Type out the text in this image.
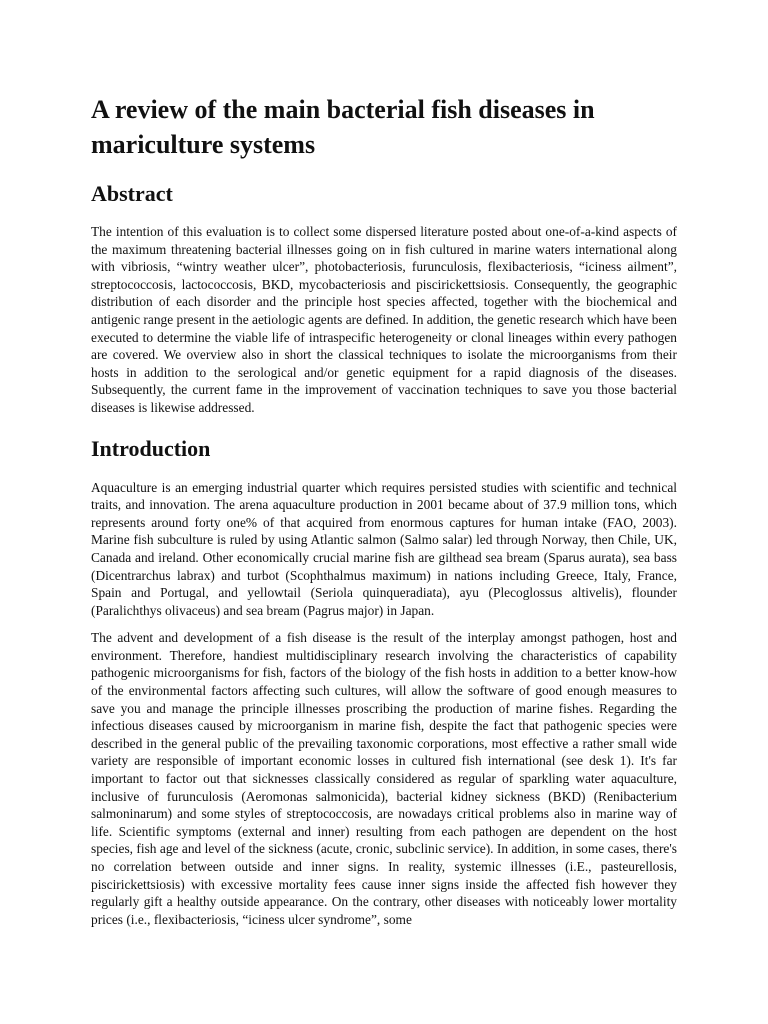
A review of the main bacterial fish diseases in mariculture systems
Abstract

The intention of this evaluation is to collect some dispersed literature posted about one-of-a-kind aspects of the maximum threatening bacterial illnesses going on in fish cultured in marine waters international along with vibriosis, “wintry weather ulcer”, photobacteriosis, furunculosis, flexibacteriosis, “iciness ailment”, streptococcosis, lactococcosis, BKD, mycobacteriosis and piscirickettsiosis. Consequently, the geographic distribution of each disorder and the principle host species affected, together with the biochemical and antigenic range present in the aetiologic agents are defined. In addition, the genetic research which have been executed to determine the viable life of intraspecific heterogeneity or clonal lineages within every pathogen are covered. We overview also in short the classical techniques to isolate the microorganisms from their hosts in addition to the serological and/or genetic equipment for a rapid diagnosis of the diseases. Subsequently, the current fame in the improvement of vaccination techniques to save you those bacterial diseases is likewise addressed.

Introduction

Aquaculture is an emerging industrial quarter which requires persisted studies with scientific and technical traits, and innovation. The arena aquaculture production in 2001 became about of 37.9 million tons, which represents around forty one% of that acquired from enormous captures for human intake (FAO, 2003). Marine fish subculture is ruled by using Atlantic salmon (Salmo salar) led through Norway, then Chile, UK, Canada and ireland. Other economically crucial marine fish are gilthead sea bream (Sparus aurata), sea bass (Dicentrarchus labrax) and turbot (Scophthalmus maximum) in nations including Greece, Italy, France, Spain and Portugal, and yellowtail (Seriola quinqueradiata), ayu (Plecoglossus altivelis), flounder (Paralichthys olivaceus) and sea bream (Pagrus major) in Japan.

The advent and development of a fish disease is the result of the interplay amongst pathogen, host and environment. Therefore, handiest multidisciplinary research involving the characteristics of capability pathogenic microorganisms for fish, factors of the biology of the fish hosts in addition to a better know-how of the environmental factors affecting such cultures, will allow the software of good enough measures to save you and manage the principle illnesses proscribing the production of marine fishes. Regarding the infectious diseases caused by microorganism in marine fish, despite the fact that pathogenic species were described in the general public of the prevailing taxonomic corporations, most effective a rather small wide variety are responsible of important economic losses in cultured fish international (see desk 1). It's far important to factor out that sicknesses classically considered as regular of sparkling water aquaculture, inclusive of furunculosis (Aeromonas salmonicida), bacterial kidney sickness (BKD) (Renibacterium salmoninarum) and some styles of streptococcosis, are nowadays critical problems also in marine way of life. Scientific symptoms (external and inner) resulting from each pathogen are dependent on the host species, fish age and level of the sickness (acute, cronic, subclinic service). In addition, in some cases, there's no correlation between outside and inner signs. In reality, systemic illnesses (i.E., pasteurellosis, piscirickettsiosis) with excessive mortality fees cause inner signs inside the affected fish however they regularly gift a healthy outside appearance. On the contrary, other diseases with noticeably lower mortality prices (i.e., flexibacteriosis, “iciness ulcer syndrome”, some
